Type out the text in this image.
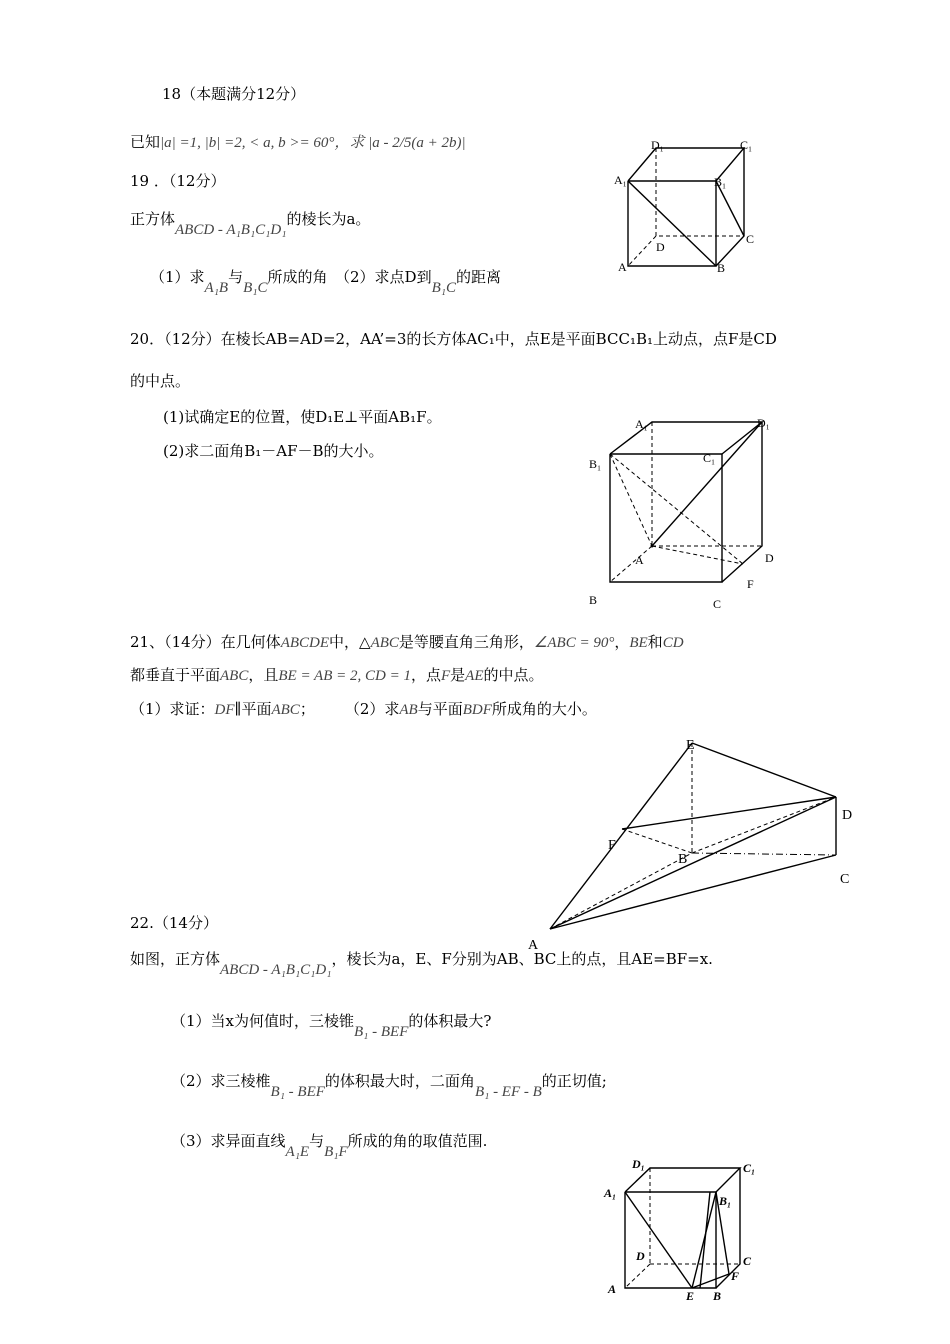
18（本题满分12分）
已知|a| =1, |b| =2, < a, b >= 60°，求 |a - 2/5(a + 2b)|
19 ．（12分）
正方体ABCD - A₁B₁C₁D₁的棱长为a。
（1）求A₁B与B₁C所成的角　（2）求点D到B₁C的距离
D₁	C₁
A₁	B₁
D
C
A	B
20．（12分）在棱长AB=AD=2，AA’=3的长方体AC₁中，点E是平面BCC₁B₁上动点，点F是CD
的中点。
(1)试确定E的位置，使D₁E⊥平面AB₁F。
(2)求二面角B₁－AF－B的大小。
A₁	D₁
B₁	C₁
A	D
F
B	C
21、（14分）在几何体ABCDE中，△ABC是等腰直角三角形，∠ABC = 90°，BE和CD
都垂直于平面ABC，且BE = AB = 2, CD = 1，点F是AE的中点。
（1）求证：DF∥平面ABC；　　　（2）求AB与平面BDF所成角的大小。
E
D
F
B
C
A
22.（14分）
如图，正方体ABCD - A₁B₁C₁D₁，棱长为a，E、F分别为AB、BC上的点，且AE=BF=x.
（1）当x为何值时，三棱锥B₁ - BEF的体积最大?
（2）求三棱椎B₁ - BEF的体积最大时，二面角B₁ - EF - B的正切值;
（3）求异面直线A₁E与B₁F所成的角的取值范围.
D₁	C₁
A₁
B₁
D	C
F
A	E B
